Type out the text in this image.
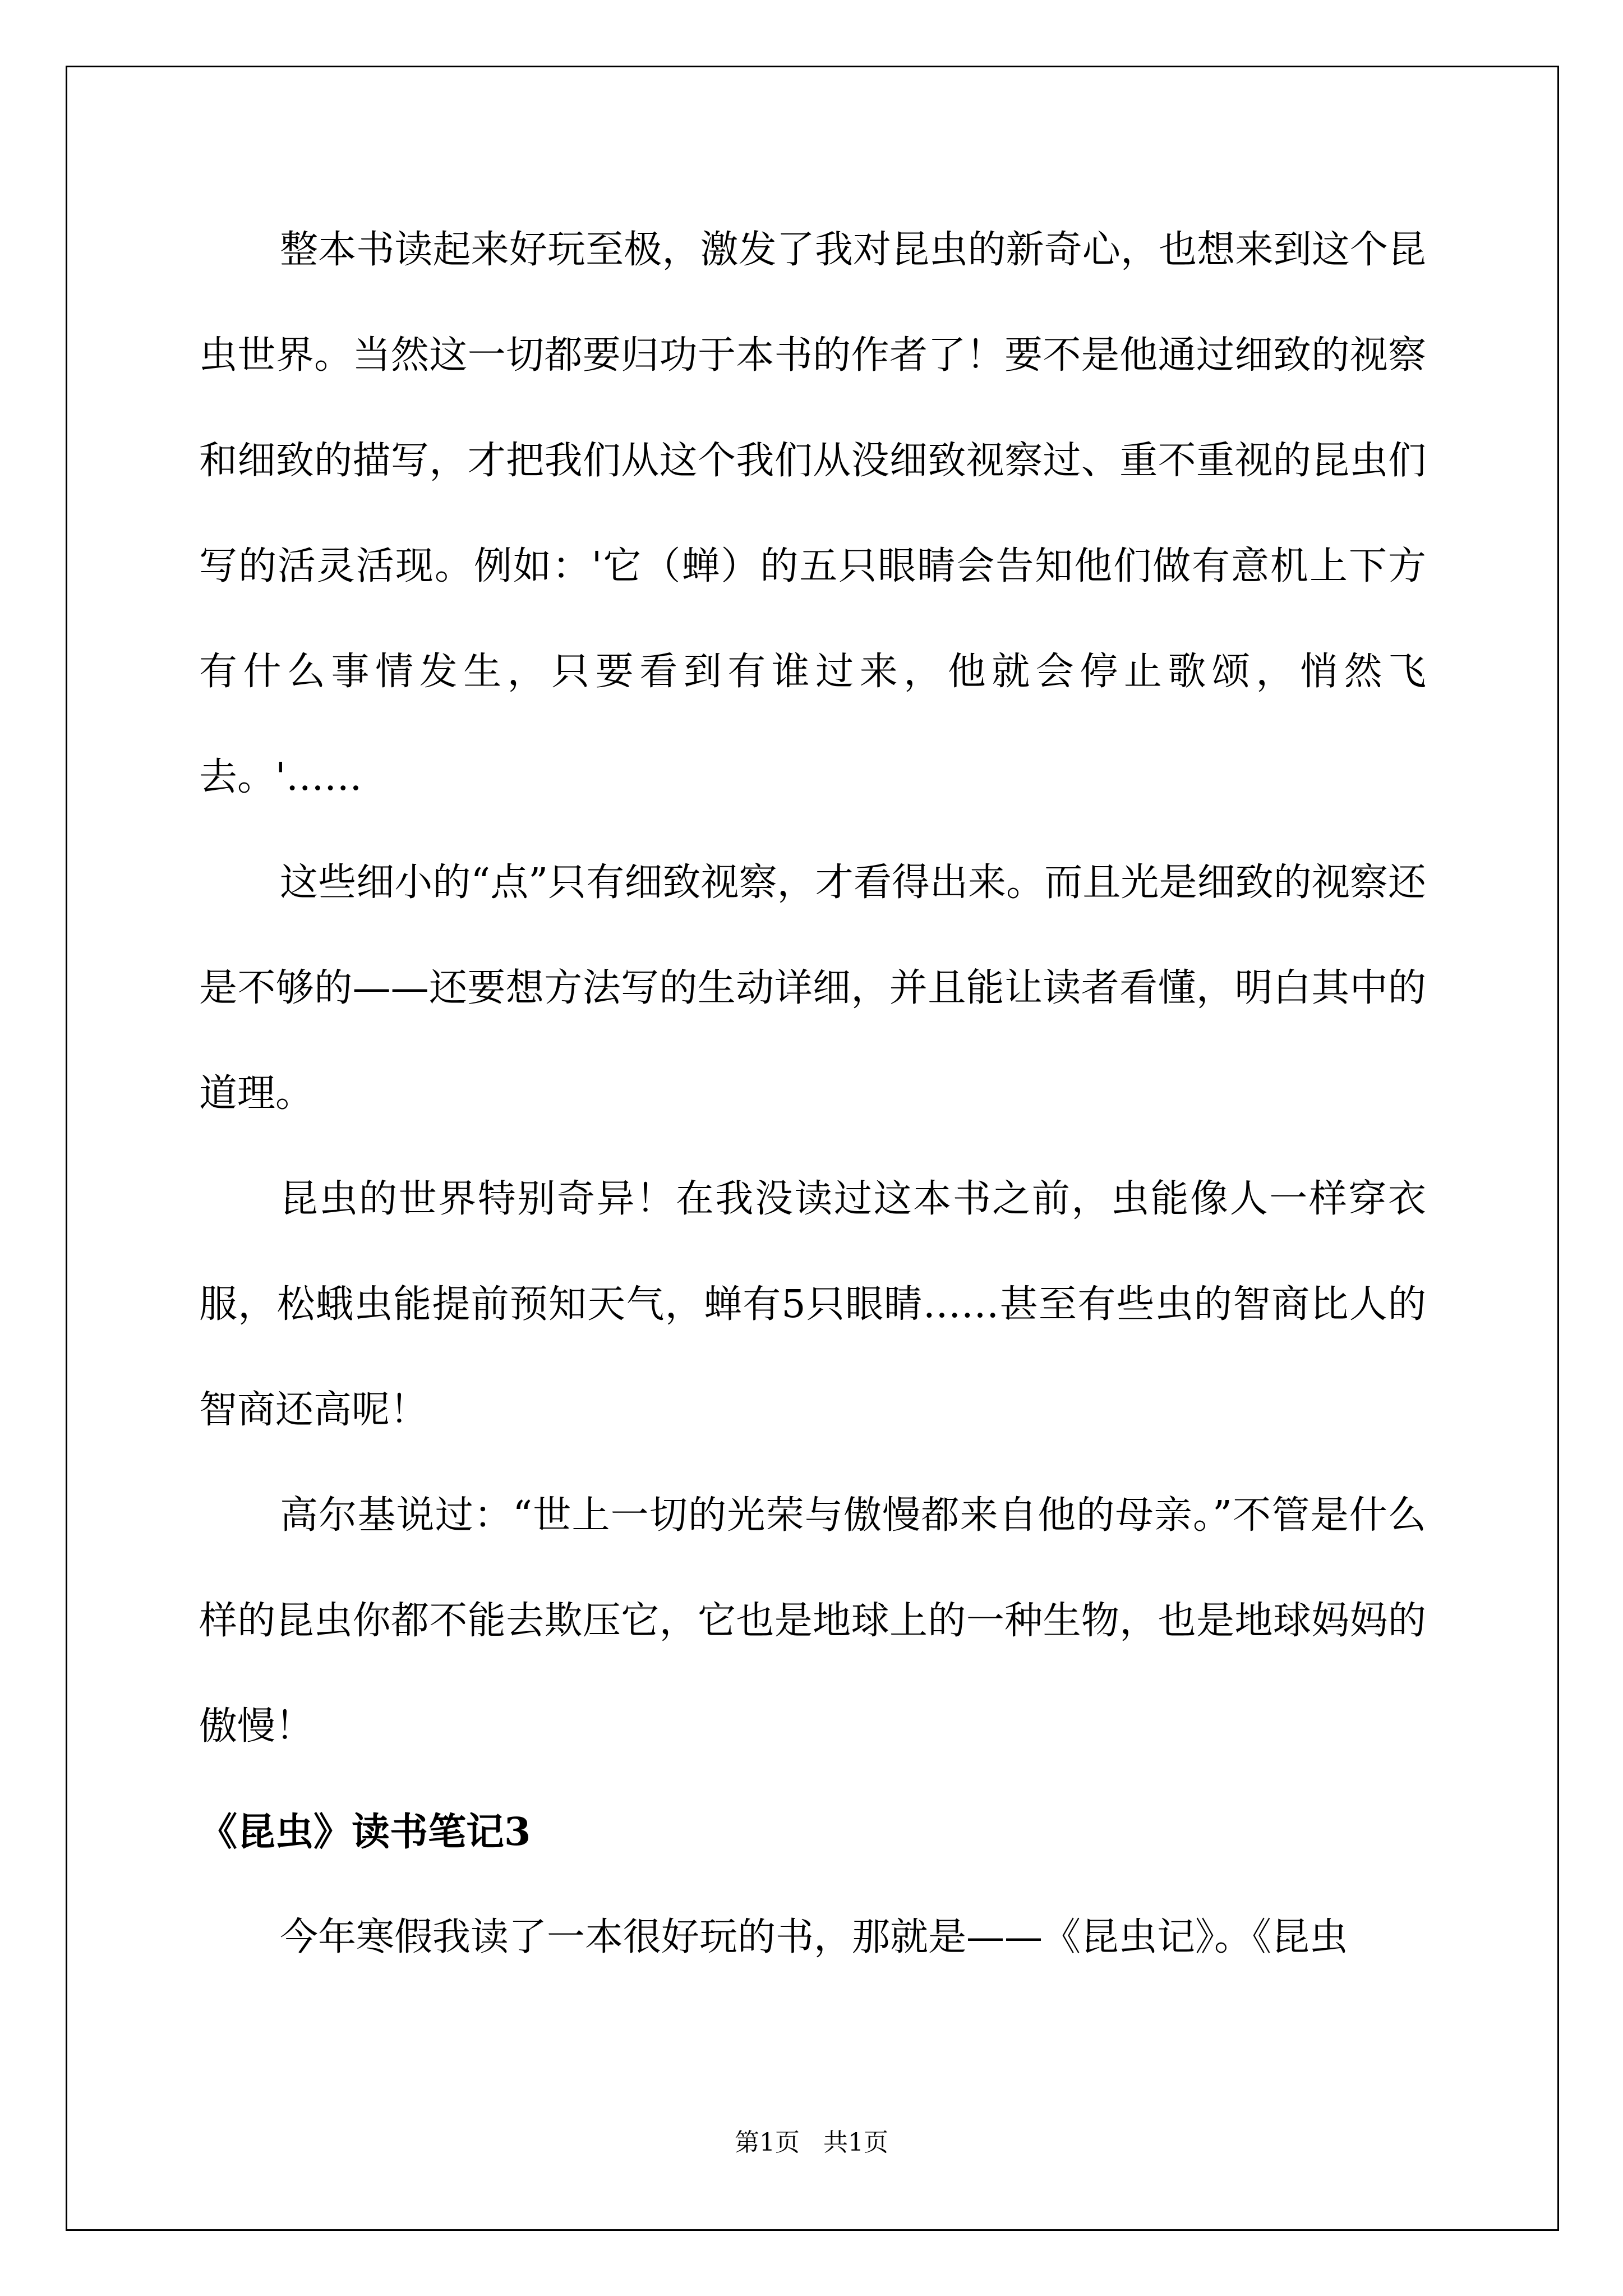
整本书读起来好玩至极，激发了我对昆虫的新奇心，也想来到这个昆虫世界。当然这一切都要归功于本书的作者了！要不是他通过细致的视察和细致的描写，才把我们从这个我们从没细致视察过、重不重视的昆虫们写的活灵活现。例如：'它（蝉）的五只眼睛会告知他们做有意机上下方有什么事情发生，只要看到有谁过来，他就会停止歌颂，悄然飞去。'……

这些细小的“点”只有细致视察，才看得出来。而且光是细致的视察还是不够的——还要想方法写的生动详细，并且能让读者看懂，明白其中的道理。

昆虫的世界特别奇异！在我没读过这本书之前，虫能像人一样穿衣服，松蛾虫能提前预知天气，蝉有5只眼睛……甚至有些虫的智商比人的智商还高呢！

高尔基说过：“世上一切的光荣与傲慢都来自他的母亲。”不管是什么样的昆虫你都不能去欺压它，它也是地球上的一种生物，也是地球妈妈的傲慢！

《昆虫》读书笔记3

今年寒假我读了一本很好玩的书，那就是——《昆虫记》。《昆虫

第1页 共1页
